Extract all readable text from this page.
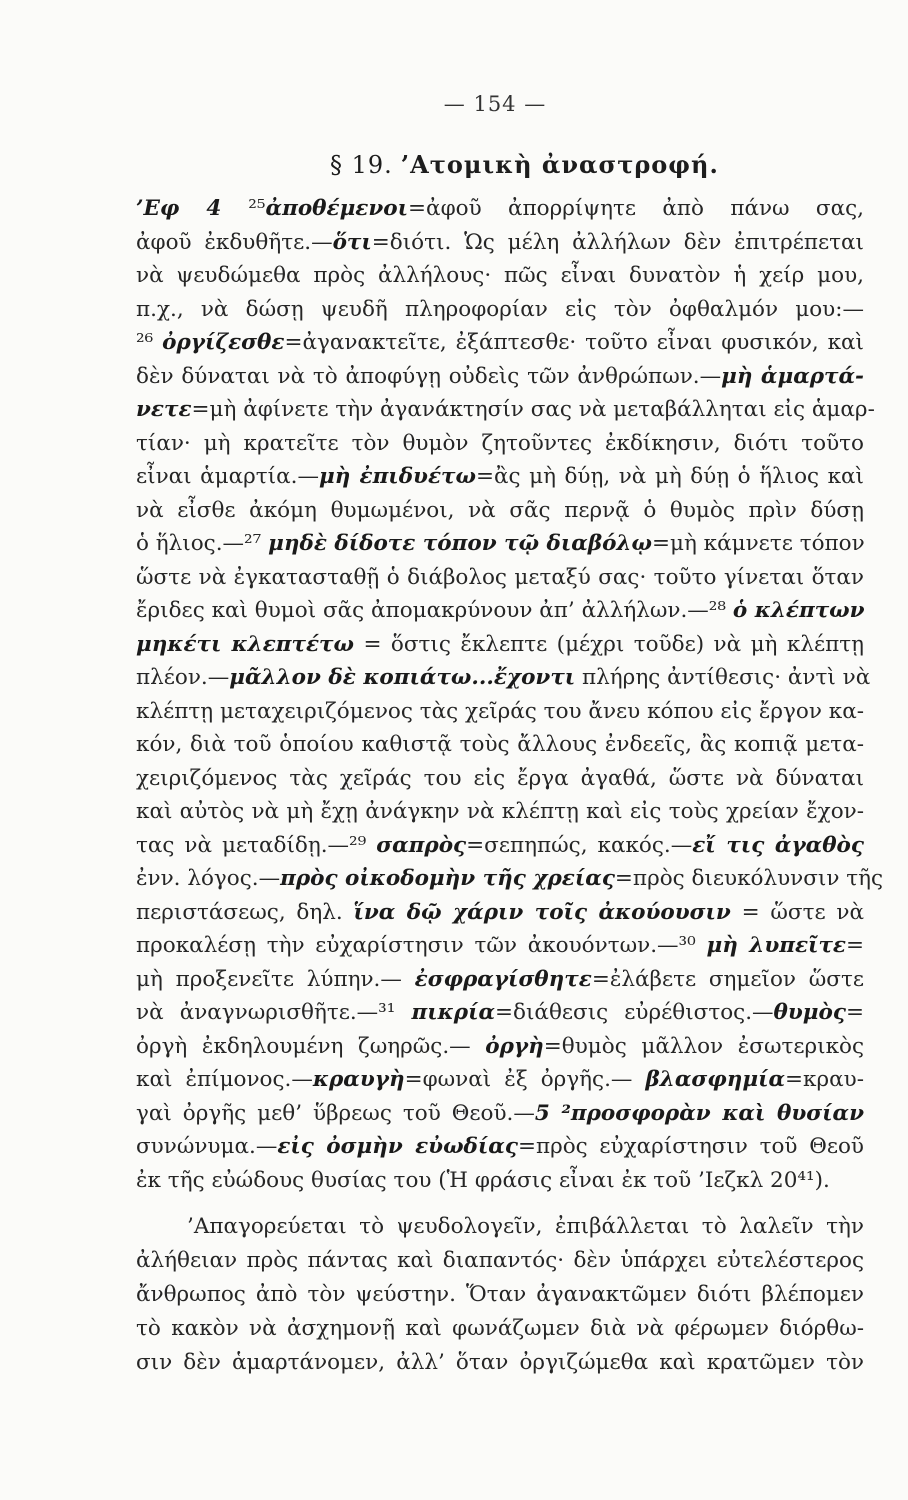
— 154 —
§ 19. ’Ατομικὴ ἀναστροφή.
’Εφ 4 ²⁵ἀποθέμενοι=ἀφοῦ ἀπορρίψητε ἀπὸ πάνω σας,
ἀφοῦ ἐκδυθῆτε.—ὅτι=διότι. Ὡς μέλη ἀλλήλων δὲν ἐπιτρέπεται
νὰ ψευδώμεθα πρὸς ἀλλήλους· πῶς εἶναι δυνατὸν ἡ χείρ μου,
π.χ., νὰ δώσῃ ψευδῆ πληροφορίαν εἰς τὸν ὀφθαλμόν μου:—
²⁶ ὀργίζεσθε=ἀγανακτεῖτε, ἐξάπτεσθε· τοῦτο εἶναι φυσικόν, καὶ
δὲν δύναται νὰ τὸ ἀποφύγῃ οὐδεὶς τῶν ἀνθρώπων.—μὴ ἁμαρτά-
νετε=μὴ ἀφίνετε τὴν ἀγανάκτησίν σας νὰ μεταβάλληται εἰς ἁμαρ-
τίαν· μὴ κρατεῖτε τὸν θυμὸν ζητοῦντες ἐκδίκησιν, διότι τοῦτο
εἶναι ἁμαρτία.—μὴ ἐπιδυέτω=ἂς μὴ δύῃ, νὰ μὴ δύῃ ὁ ἥλιος καὶ
νὰ εἶσθε ἀκόμη θυμωμένοι, νὰ σᾶς περνᾷ ὁ θυμὸς πρὶν δύσῃ
ὁ ἥλιος.—²⁷ μηδὲ δίδοτε τόπον τῷ διαβόλῳ=μὴ κάμνετε τόπον
ὥστε νὰ ἐγκατασταθῇ ὁ διάβολος μεταξύ σας· τοῦτο γίνεται ὅταν
ἔριδες καὶ θυμοὶ σᾶς ἀπομακρύνουν ἀπ’ ἀλλήλων.—²⁸ ὁ κλέπτων
μηκέτι κλεπτέτω = ὅστις ἔκλεπτε (μέχρι τοῦδε) νὰ μὴ κλέπτῃ
πλέον.—μᾶλλον δὲ κοπιάτω...ἔχοντι πλήρης ἀντίθεσις· ἀντὶ νὰ
κλέπτῃ μεταχειριζόμενος τὰς χεῖράς του ἄνευ κόπου εἰς ἔργον κα-
κόν, διὰ τοῦ ὁποίου καθιστᾷ τοὺς ἄλλους ἐνδεεῖς, ἂς κοπιᾷ μετα-
χειριζόμενος τὰς χεῖράς του εἰς ἔργα ἀγαθά, ὥστε νὰ δύναται
καὶ αὐτὸς νὰ μὴ ἔχῃ ἀνάγκην νὰ κλέπτῃ καὶ εἰς τοὺς χρείαν ἔχον-
τας νὰ μεταδίδῃ.—²⁹ σαπρὸς=σεπηπώς, κακός.—εἴ τις ἀγαθὸς
ἐνν. λόγος.—πρὸς οἰκοδομὴν τῆς χρείας=πρὸς διευκόλυνσιν τῆς
περιστάσεως, δηλ. ἵνα δῷ χάριν τοῖς ἀκούουσιν = ὥστε νὰ
προκαλέσῃ τὴν εὐχαρίστησιν τῶν ἀκουόντων.—³⁰ μὴ λυπεῖτε=
μὴ προξενεῖτε λύπην.— ἐσφραγίσθητε=ἐλάβετε σημεῖον ὥστε
νὰ ἀναγνωρισθῆτε.—³¹ πικρία=διάθεσις εὐρέθιστος.—θυμὸς=
ὀργὴ ἐκδηλουμένη ζωηρῶς.— ὀργὴ=θυμὸς μᾶλλον ἐσωτερικὸς
καὶ ἐπίμονος.—κραυγὴ=φωναὶ ἐξ ὀργῆς.— βλασφημία=κραυ-
γαὶ ὀργῆς μεθ’ ὕβρεως τοῦ Θεοῦ.—5 ²προσφορὰν καὶ θυσίαν
συνώνυμα.—εἰς ὀσμὴν εὐωδίας=πρὸς εὐχαρίστησιν τοῦ Θεοῦ
ἐκ τῆς εὐώδους θυσίας του (Ἡ φράσις εἶναι ἐκ τοῦ ’Ιεζκλ 20⁴¹).
’Απαγορεύεται τὸ ψευδολογεῖν, ἐπιβάλλεται τὸ λαλεῖν τὴν
ἀλήθειαν πρὸς πάντας καὶ διαπαντός· δὲν ὑπάρχει εὐτελέστερος
ἄνθρωπος ἀπὸ τὸν ψεύστην. Ὅταν ἀγανακτῶμεν διότι βλέπομεν
τὸ κακὸν νὰ ἀσχημονῇ καὶ φωνάζωμεν διὰ νὰ φέρωμεν διόρθω-
σιν δὲν ἁμαρτάνομεν, ἀλλ’ ὅταν ὀργιζώμεθα καὶ κρατῶμεν τὸν
